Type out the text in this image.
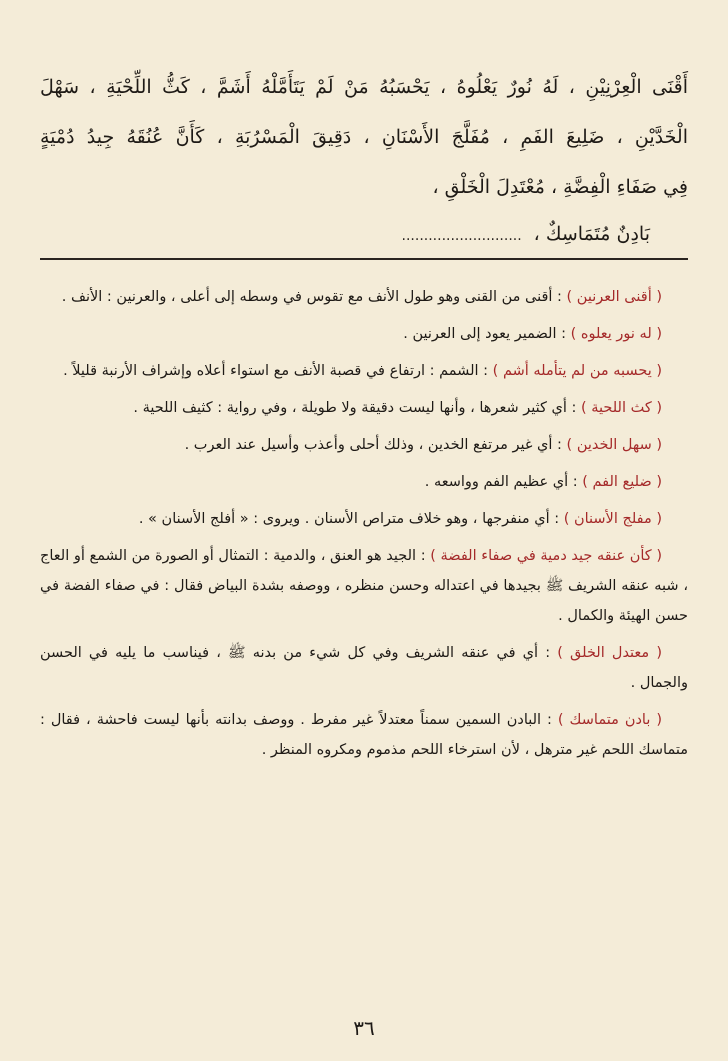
أَقْنَى الْعِرْنِيْنِ ، لَهُ نُورٌ يَعْلُوهُ ، يَحْسَبُهُ مَنْ لَمْ يَتَأَمَّلْهُ أَشَمَّ ، كَثُّ اللِّحْيَةِ ، سَهْلَ
الْخَدَّيْنِ ، ضَلِيعَ الفَمِ ، مُفَلَّجَ الأَسْنَانِ ، دَقِيقَ الْمَسْرُبَةِ ، كَأَنَّ عُنُقَهُ جِيدُ دُمْيَةٍ
فِي صَفَاءِ الْفِضَّةِ ، مُعْتَدِلَ الْخَلْقِ ،
بَادِنٌ مُتَمَاسِكٌ ،...........................

( أقنى العرنين ) : أقنى من القنى وهو طول الأنف مع تقوس في وسطه إلى أعلى ، والعرنين : الأنف .

( له نور يعلوه ) : الضمير يعود إلى العرنين .

( يحسبه من لم يتأمله أشم ) : الشمم : ارتفاع في قصبة الأنف مع استواء أعلاه وإشراف الأرنبة قليلاً .

( كث اللحية ) : أي كثير شعرها ، وأنها ليست دقيقة ولا طويلة ، وفي رواية : كثيف اللحية .

( سهل الخدين ) : أي غير مرتفع الخدين ، وذلك أحلى وأعذب وأسيل عند العرب .

( ضليع الفم ) : أي عظيم الفم وواسعه .

( مفلج الأسنان ) : أي منفرجها ، وهو خلاف متراص الأسنان . ويروى : « أفلج الأسنان » .

( كأن عنقه جيد دمية في صفاء الفضة ) : الجيد هو العنق ، والدمية : التمثال أو الصورة من الشمع أو العاج ، شبه عنقه الشريف ﷺ بجيدها في اعتداله وحسن منظره ، ووصفه بشدة البياض فقال : في صفاء الفضة في حسن الهيئة والكمال .

( معتدل الخلق ) : أي في عنقه الشريف وفي كل شيء من بدنه ﷺ ، فيناسب ما يليه في الحسن والجمال .

( بادن متماسك ) : البادن السمين سمناً معتدلاً غير مفرط . ووصف بدانته بأنها ليست فاحشة ، فقال : متماسك اللحم غير مترهل ، لأن استرخاء اللحم مذموم ومكروه المنظر .

٣٦
